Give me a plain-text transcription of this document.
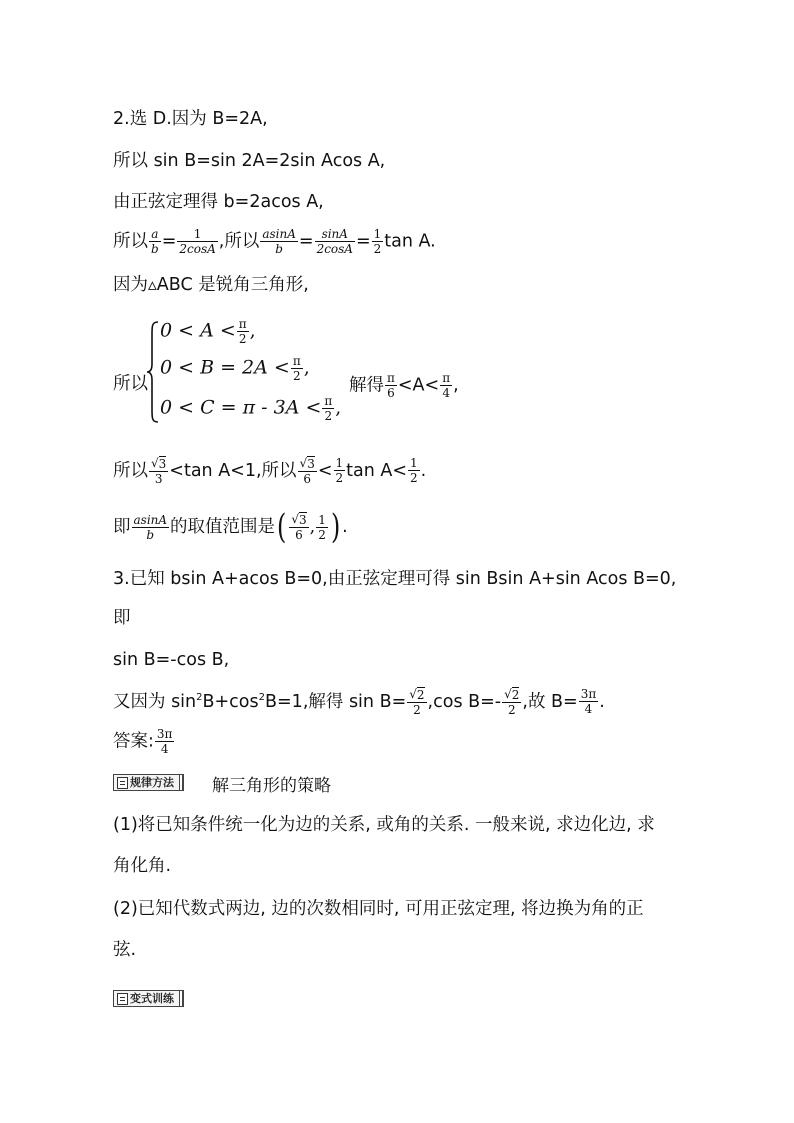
2.选 D.因为 B=2A,
所以 sin B=sin 2A=2sin Acos A,
由正弦定理得 b=2acos A,
所以 $\frac{a}{b} = \frac{1}{2\cos A}$ ,所以 $\frac{asinA}{b} = \frac{\sin A}{2\cos A} = \frac{1}{2}$ tan A.
因为▵ABC 是锐角三角形,
所以
$0 < A < \frac{\pi}{2}$ ,
$0 < B = 2A < \frac{\pi}{2}$ ,
$0 < C = \pi - 3A < \frac{\pi}{2}$ ,
解得 $\frac{\pi}{6} <A< \frac{\pi}{4}$ ,
所以 $\frac{√3}{3} <\tan$ A<1,所以 $\frac{√3}{6} < \frac{1}{2}$ $\tan A< \frac{1}{2}$ .
即 $\frac{asinA}{b}$ 的取值范围是( $\frac{√3}{6}$ , $\frac{1}{2}$ ) .
3.已知 bsin A+acos B=0,由正弦定理可得 sin Bsin A+sin Acos B=0,
即
sin B=-cos B,
又因为 $\sin^2B+\cos^2B=1$,解得 $\sin B= \frac{√2}{2} ,\cos$ $B=- \frac{√2}{2}$ ,故 $B= \frac{3\pi}{4}$ .
答案: $\frac{3\pi}{4}$
规律方法	解三角形的策略
(1)将已知条件统一化为边的关系, 或角的关系. 一般来说, 求边化边, 求
角化角.
(2)已知代数式两边, 边的次数相同时, 可用正弦定理, 将边换为角的正
弦.
变式训练
